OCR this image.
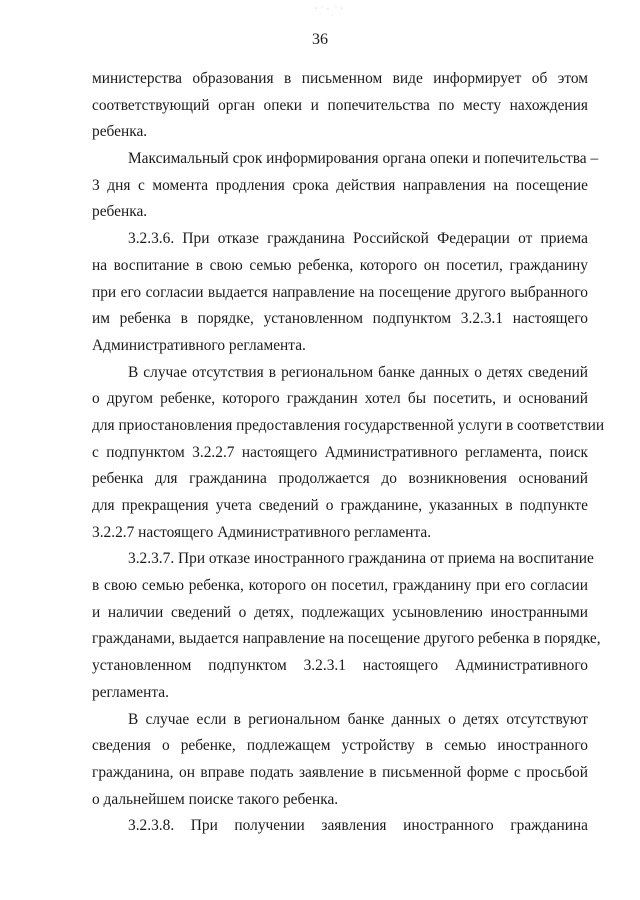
36
министерства образования в письменном виде информирует об этом
соответствующий орган опеки и попечительства по месту нахождения
ребенка.
Максимальный срок информирования органа опеки и попечительства –
3 дня с момента продления срока действия направления на посещение
ребенка.
3.2.3.6. При отказе гражданина Российской Федерации от приема
на воспитание в свою семью ребенка, которого он посетил, гражданину
при его согласии выдается направление на посещение другого выбранного
им ребенка в порядке, установленном подпунктом 3.2.3.1 настоящего
Административного регламента.
В случае отсутствия в региональном банке данных о детях сведений
о другом ребенке, которого гражданин хотел бы посетить, и оснований
для приостановления предоставления государственной услуги в соответствии
с подпунктом 3.2.2.7 настоящего Административного регламента, поиск
ребенка для гражданина продолжается до возникновения оснований
для прекращения учета сведений о гражданине, указанных в подпункте
3.2.2.7 настоящего Административного регламента.
3.2.3.7. При отказе иностранного гражданина от приема на воспитание
в свою семью ребенка, которого он посетил, гражданину при его согласии
и наличии сведений о детях, подлежащих усыновлению иностранными
гражданами, выдается направление на посещение другого ребенка в порядке,
установленном подпунктом 3.2.3.1 настоящего Административного
регламента.
В случае если в региональном банке данных о детях отсутствуют
сведения о ребенке, подлежащем устройству в семью иностранного
гражданина, он вправе подать заявление в письменной форме с просьбой
о дальнейшем поиске такого ребенка.
3.2.3.8. При получении заявления иностранного гражданина
